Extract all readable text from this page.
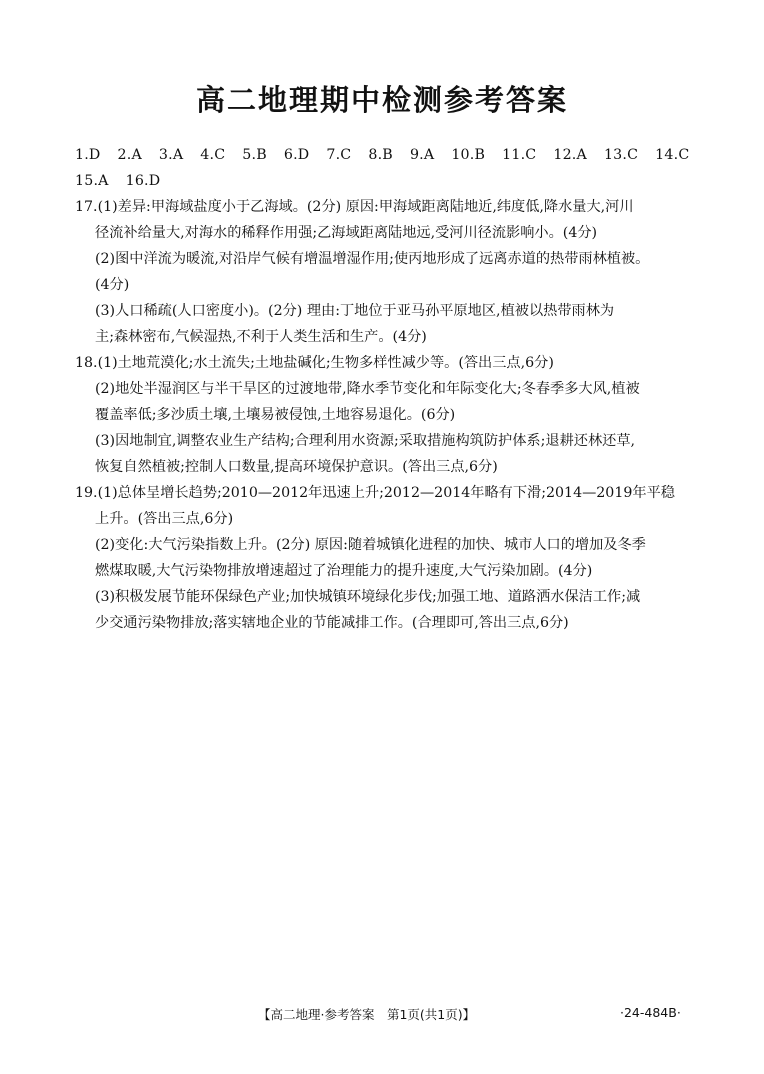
高二地理期中检测参考答案
1.D 2.A 3.A 4.C 5.B 6.D 7.C 8.B 9.A 10.B 11.C 12.A 13.C 14.C
15.A 16.D
17.(1)差异:甲海域盐度小于乙海域。(2分) 原因:甲海域距离陆地近,纬度低,降水量大,河川
径流补给量大,对海水的稀释作用强;乙海域距离陆地远,受河川径流影响小。(4分)
(2)图中洋流为暖流,对沿岸气候有增温增湿作用;使丙地形成了远离赤道的热带雨林植被。
(4分)
(3)人口稀疏(人口密度小)。(2分) 理由:丁地位于亚马孙平原地区,植被以热带雨林为
主;森林密布,气候湿热,不利于人类生活和生产。(4分)
18.(1)土地荒漠化;水土流失;土地盐碱化;生物多样性减少等。(答出三点,6分)
(2)地处半湿润区与半干旱区的过渡地带,降水季节变化和年际变化大;冬春季多大风,植被
覆盖率低;多沙质土壤,土壤易被侵蚀,土地容易退化。(6分)
(3)因地制宜,调整农业生产结构;合理利用水资源;采取措施构筑防护体系;退耕还林还草,
恢复自然植被;控制人口数量,提高环境保护意识。(答出三点,6分)
19.(1)总体呈增长趋势;2010—2012年迅速上升;2012—2014年略有下滑;2014—2019年平稳
上升。(答出三点,6分)
(2)变化:大气污染指数上升。(2分) 原因:随着城镇化进程的加快、城市人口的增加及冬季
燃煤取暖,大气污染物排放增速超过了治理能力的提升速度,大气污染加剧。(4分)
(3)积极发展节能环保绿色产业;加快城镇环境绿化步伐;加强工地、道路洒水保洁工作;减
少交通污染物排放;落实辖地企业的节能减排工作。(合理即可,答出三点,6分)
【高二地理·参考答案　第1页(共1页)】	·24-484B·
